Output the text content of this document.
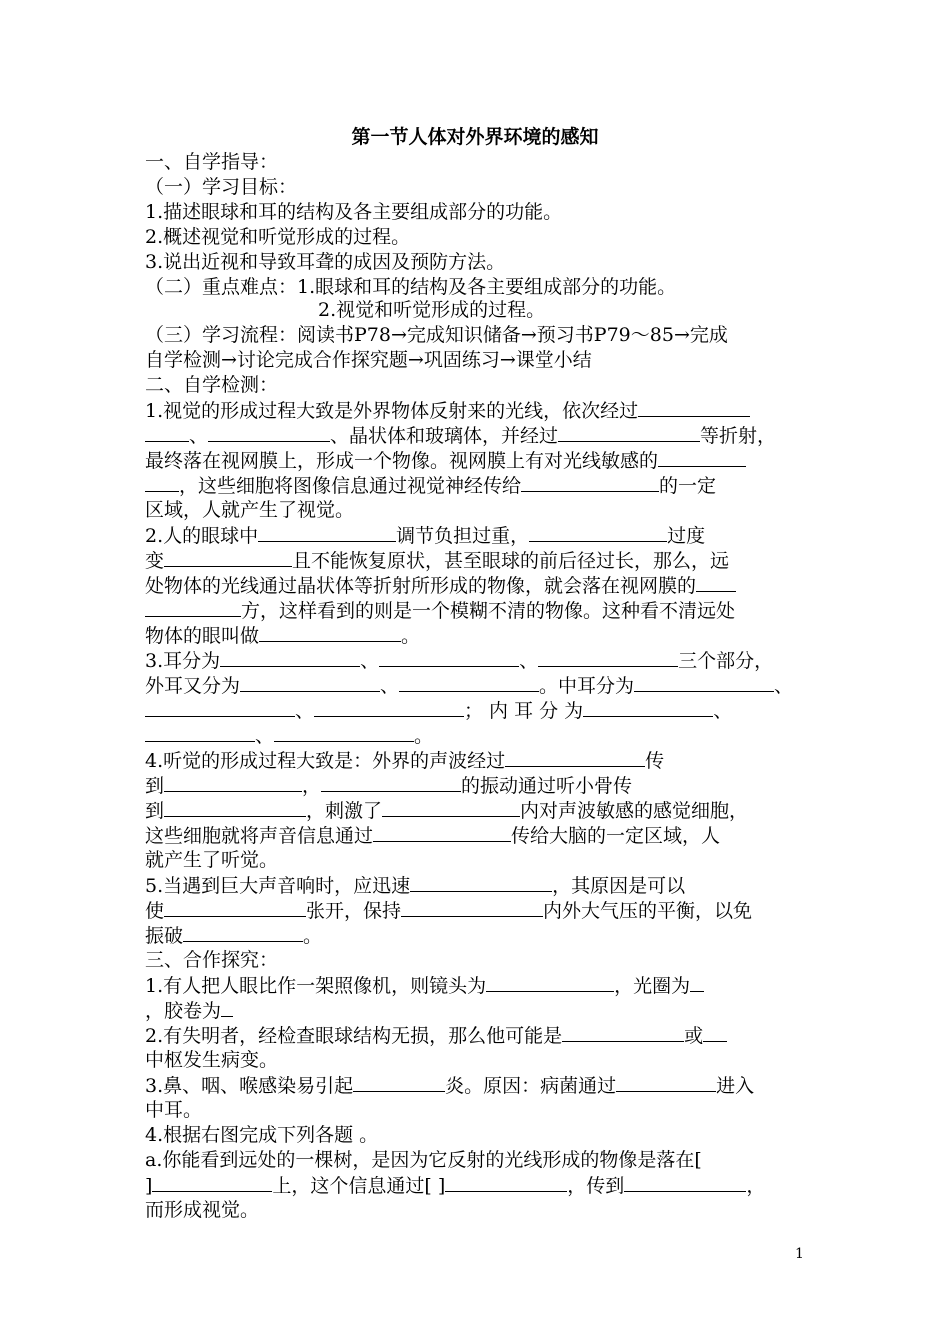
第一节人体对外界环境的感知
一、自学指导：
（一）学习目标：
1.描述眼球和耳的结构及各主要组成部分的功能。
2.概述视觉和听觉形成的过程。
3.说出近视和导致耳聋的成因及预防方法。
（二）重点难点：1.眼球和耳的结构及各主要组成部分的功能。
2.视觉和听觉形成的过程。
（三）学习流程：阅读书P78→完成知识储备→预习书P79～85→完成
自学检测→讨论完成合作探究题→巩固练习→课堂小结
二、自学检测：
1.视觉的形成过程大致是外界物体反射来的光线，依次经过
、	、晶状体和玻璃体，并经过	等折射，
最终落在视网膜上，形成一个物像。视网膜上有对光线敏感的
，这些细胞将图像信息通过视觉神经传给	的一定
区域，人就产生了视觉。
2.人的眼球中	调节负担过重，	过度
变	且不能恢复原状，甚至眼球的前后径过长，那么，远
处物体的光线通过晶状体等折射所形成的物像，就会落在视网膜的
方，这样看到的则是一个模糊不清的物像。这种看不清远处
物体的眼叫做	。
3.耳分为	、	、	三个部分，
外耳又分为	、	。中耳分为	、
、	； 内 耳 分 为	、
、	。
4.听觉的形成过程大致是：外界的声波经过	传
到	，	的振动通过听小骨传
到	，刺激了	内对声波敏感的感觉细胞，
这些细胞就将声音信息通过	传给大脑的一定区域，人
就产生了听觉。
5.当遇到巨大声音响时，应迅速	，其原因是可以
使	张开，保持	内外大气压的平衡，以免
振破	。
三、合作探究：
1.有人把人眼比作一架照像机，则镜头为	，光圈为
，胶卷为
2.有失明者，经检查眼球结构无损，那么他可能是	或
中枢发生病变。
3.鼻、咽、喉感染易引起	炎。原因：病菌通过	进入
中耳。
4.根据右图完成下列各题 。
a.你能看到远处的一棵树，是因为它反射的光线形成的物像是落在[
]	上，这个信息通过[ ]	，传到	，
而形成视觉。
1
